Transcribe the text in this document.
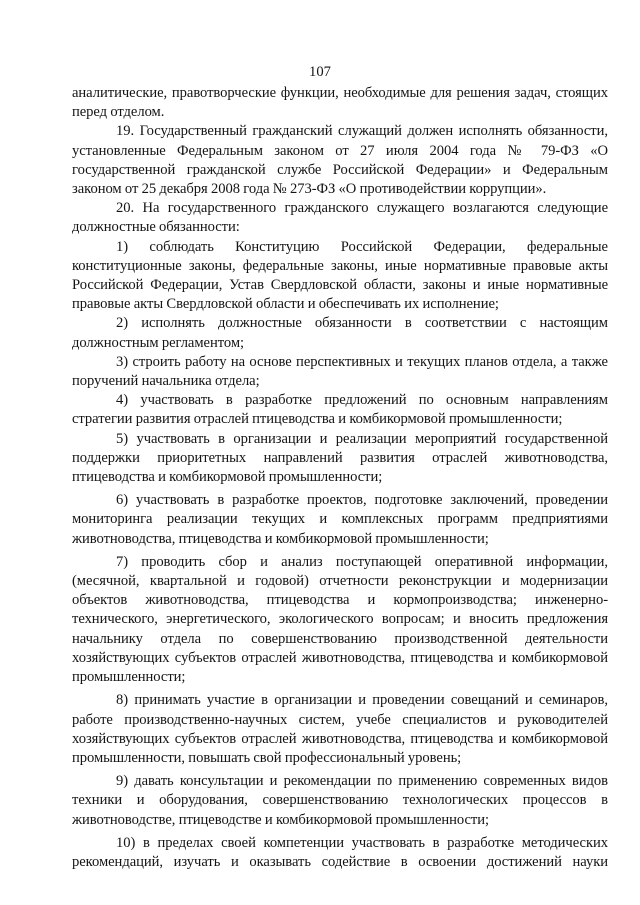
107

аналитические, правотворческие функции, необходимые для решения задач, стоящих перед отделом.

19. Государственный гражданский служащий должен исполнять обязанности, установленные Федеральным законом от 27 июля 2004 года № 79-ФЗ «О государственной гражданской службе Российской Федерации» и Федеральным законом от 25 декабря 2008 года № 273-ФЗ «О противодействии коррупции».

20. На государственного гражданского служащего возлагаются следующие должностные обязанности:

1) соблюдать Конституцию Российской Федерации, федеральные конституционные законы, федеральные законы, иные нормативные правовые акты Российской Федерации, Устав Свердловской области, законы и иные нормативные правовые акты Свердловской области и обеспечивать их исполнение;

2) исполнять должностные обязанности в соответствии с настоящим должностным регламентом;

3) строить работу на основе перспективных и текущих планов отдела, а также поручений начальника отдела;

4) участвовать в разработке предложений по основным направлениям стратегии развития отраслей птицеводства и комбикормовой промышленности;

5) участвовать в организации и реализации мероприятий государственной поддержки приоритетных направлений развития отраслей животноводства, птицеводства и комбикормовой промышленности;

6) участвовать в разработке проектов, подготовке заключений, проведении мониторинга реализации текущих и комплексных программ предприятиями животноводства, птицеводства и комбикормовой промышленности;

7) проводить сбор и анализ поступающей оперативной информации, (месячной, квартальной и годовой) отчетности реконструкции и модернизации объектов животноводства, птицеводства и кормопроизводства; инженерно-технического, энергетического, экологического вопросам; и вносить предложения начальнику отдела по совершенствованию производственной деятельности хозяйствующих субъектов отраслей животноводства, птицеводства и комбикормовой промышленности;

8) принимать участие в организации и проведении совещаний и семинаров, работе производственно-научных систем, учебе специалистов и руководителей хозяйствующих субъектов отраслей животноводства, птицеводства и комбикормовой промышленности, повышать свой профессиональный уровень;

9) давать консультации и рекомендации по применению современных видов техники и оборудования, совершенствованию технологических процессов в животноводстве, птицеводстве и комбикормовой промышленности;

10) в пределах своей компетенции участвовать в разработке методических рекомендаций, изучать и оказывать содействие в освоении достижений науки
